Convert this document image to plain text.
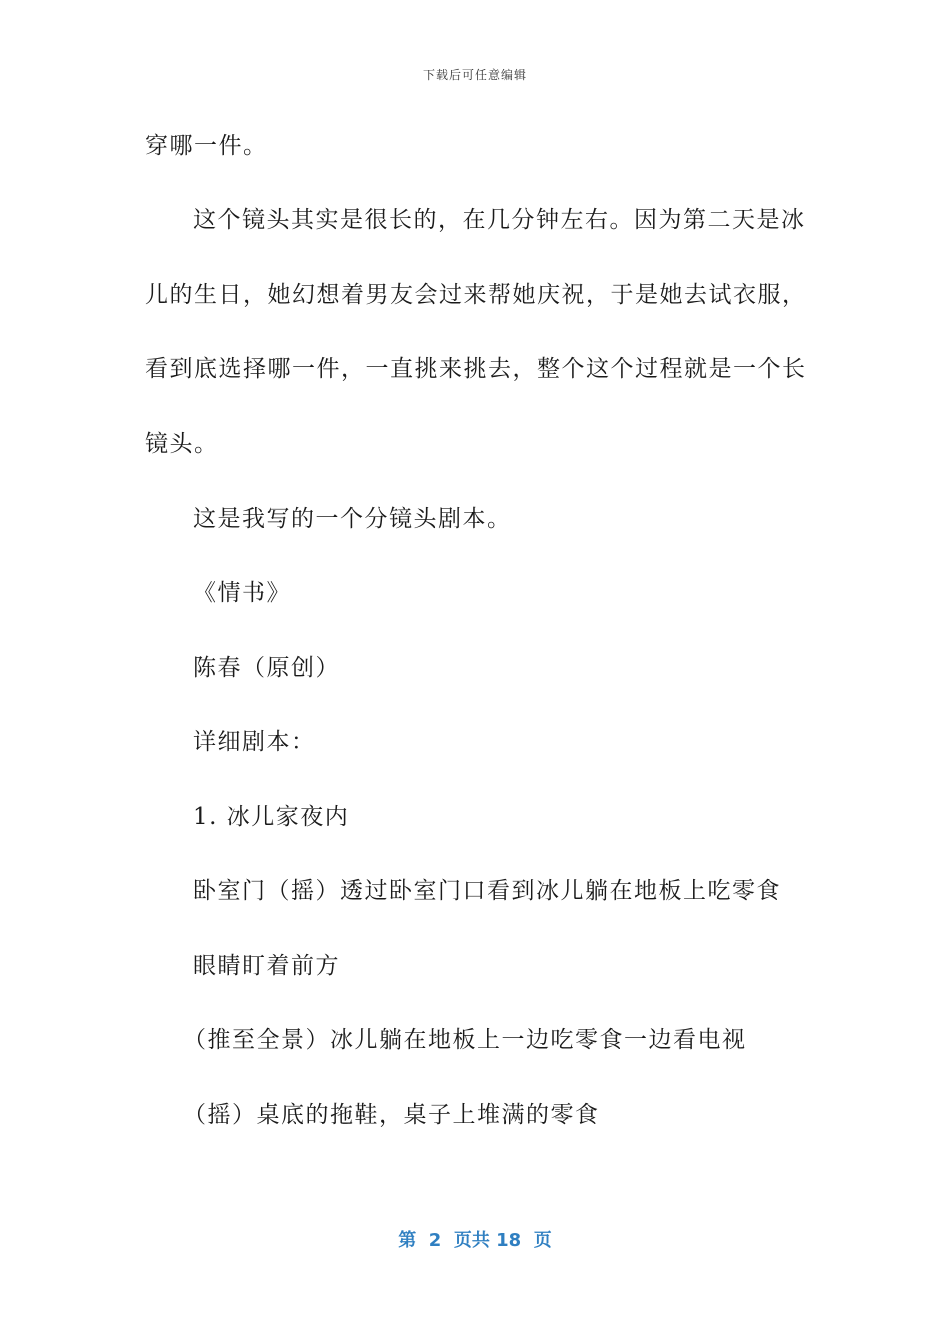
下载后可任意编辑
穿哪一件。
这个镜头其实是很长的，在几分钟左右。因为第二天是冰
儿的生日，她幻想着男友会过来帮她庆祝，于是她去试衣服，
看到底选择哪一件，一直挑来挑去，整个这个过程就是一个长
镜头。
这是我写的一个分镜头剧本。
《情书》
陈春（原创）
详细剧本：
1. 冰儿家夜内
卧室门（摇）透过卧室门口看到冰儿躺在地板上吃零食
眼睛盯着前方
（推至全景）冰儿躺在地板上一边吃零食一边看电视
（摇）桌底的拖鞋，桌子上堆满的零食
第  2  页共 18  页
